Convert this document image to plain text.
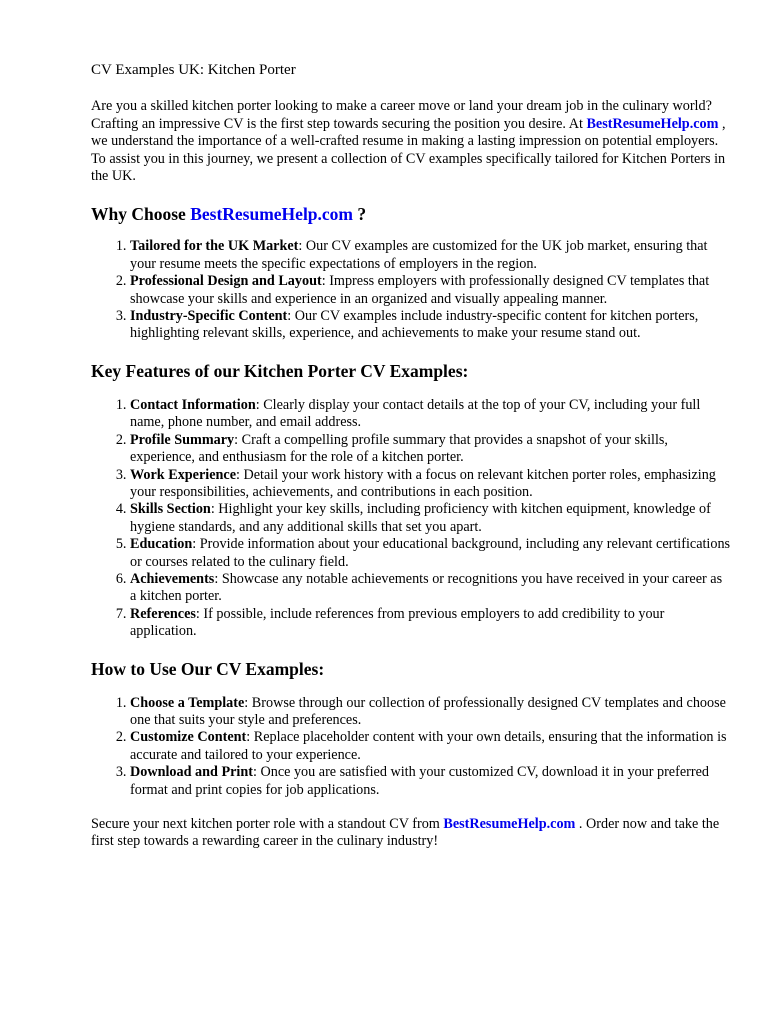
CV Examples UK: Kitchen Porter

Are you a skilled kitchen porter looking to make a career move or land your dream job in the culinary world? Crafting an impressive CV is the first step towards securing the position you desire. At BestResumeHelp.com , we understand the importance of a well-crafted resume in making a lasting impression on potential employers. To assist you in this journey, we present a collection of CV examples specifically tailored for Kitchen Porters in the UK.

Why Choose BestResumeHelp.com ?
1. Tailored for the UK Market: Our CV examples are customized for the UK job market, ensuring that your resume meets the specific expectations of employers in the region.
2. Professional Design and Layout: Impress employers with professionally designed CV templates that showcase your skills and experience in an organized and visually appealing manner.
3. Industry-Specific Content: Our CV examples include industry-specific content for kitchen porters, highlighting relevant skills, experience, and achievements to make your resume stand out.
Key Features of our Kitchen Porter CV Examples:
1. Contact Information: Clearly display your contact details at the top of your CV, including your full name, phone number, and email address.
2. Profile Summary: Craft a compelling profile summary that provides a snapshot of your skills, experience, and enthusiasm for the role of a kitchen porter.
3. Work Experience: Detail your work history with a focus on relevant kitchen porter roles, emphasizing your responsibilities, achievements, and contributions in each position.
4. Skills Section: Highlight your key skills, including proficiency with kitchen equipment, knowledge of hygiene standards, and any additional skills that set you apart.
5. Education: Provide information about your educational background, including any relevant certifications or courses related to the culinary field.
6. Achievements: Showcase any notable achievements or recognitions you have received in your career as a kitchen porter.
7. References: If possible, include references from previous employers to add credibility to your application.
How to Use Our CV Examples:
1. Choose a Template: Browse through our collection of professionally designed CV templates and choose one that suits your style and preferences.
2. Customize Content: Replace placeholder content with your own details, ensuring that the information is accurate and tailored to your experience.
3. Download and Print: Once you are satisfied with your customized CV, download it in your preferred format and print copies for job applications.

Secure your next kitchen porter role with a standout CV from BestResumeHelp.com . Order now and take the first step towards a rewarding career in the culinary industry!
